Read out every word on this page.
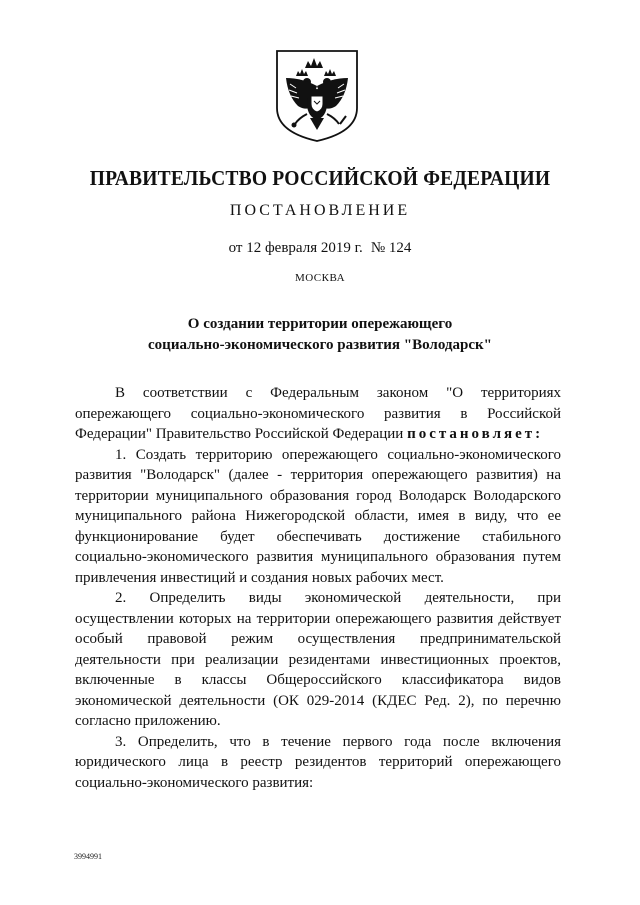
ПРАВИТЕЛЬСТВО РОССИЙСКОЙ ФЕДЕРАЦИИ
ПОСТАНОВЛЕНИЕ
от 12 февраля 2019 г. № 124
МОСКВА
О создании территории опережающего
социально-экономического развития "Володарск"

В соответствии с Федеральным законом "О территориях опережающего социально-экономического развития в Российской Федерации" Правительство Российской Федерации постановляет:

1. Создать территорию опережающего социально-экономического развития "Володарск" (далее - территория опережающего развития) на территории муниципального образования город Володарск Володарского муниципального района Нижегородской области, имея в виду, что ее функционирование будет обеспечивать достижение стабильного социально-экономического развития муниципального образования путем привлечения инвестиций и создания новых рабочих мест.

2. Определить виды экономической деятельности, при осуществлении которых на территории опережающего развития действует особый правовой режим осуществления предпринимательской деятельности при реализации резидентами инвестиционных проектов, включенные в классы Общероссийского классификатора видов экономической деятельности (ОК 029-2014 (КДЕС Ред. 2), по перечню согласно приложению.

3. Определить, что в течение первого года после включения юридического лица в реестр резидентов территорий опережающего социально-экономического развития:

3994991
